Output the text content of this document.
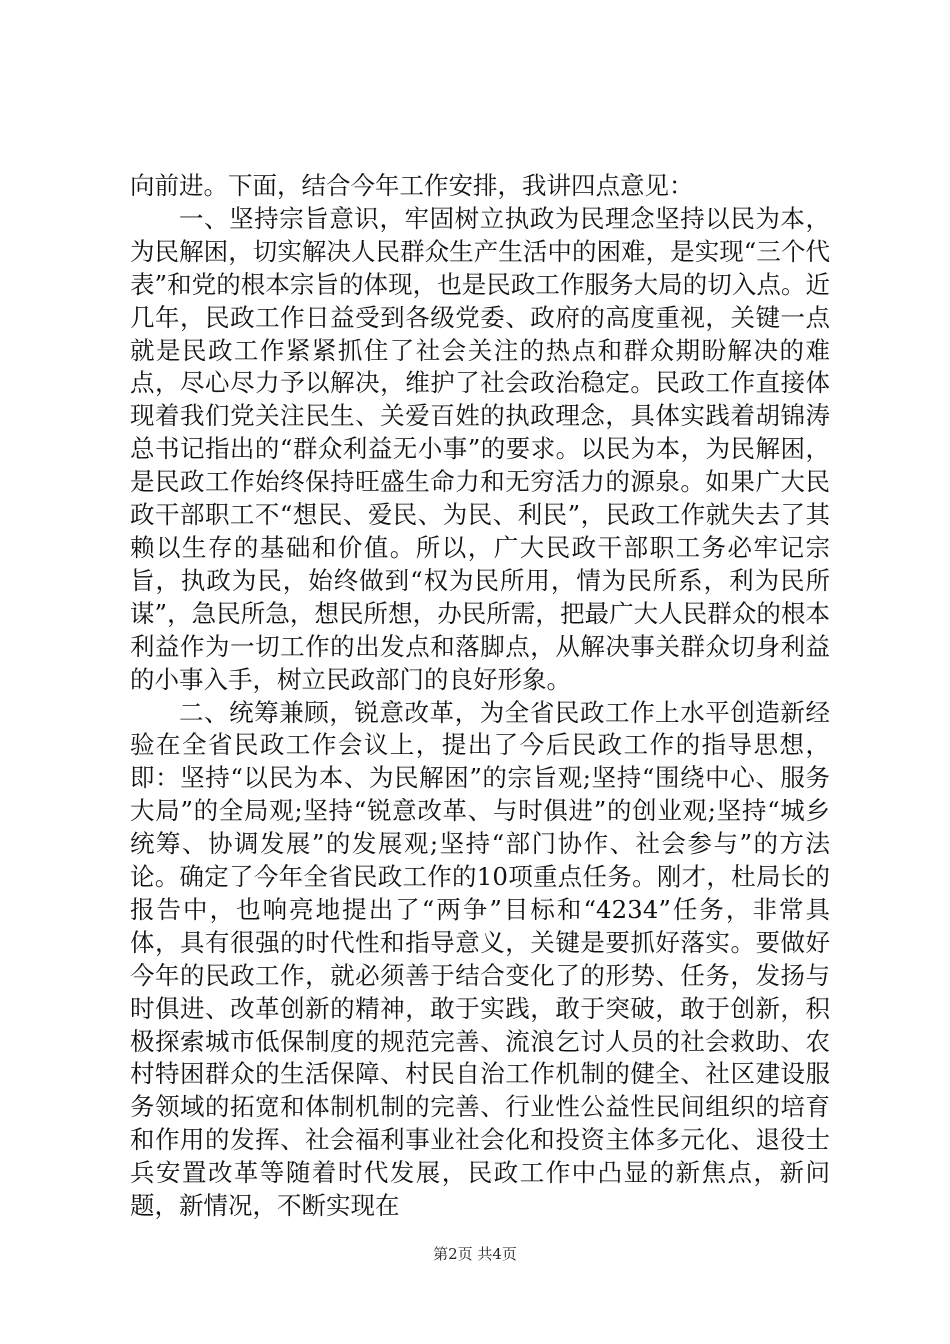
向前进。下面，结合今年工作安排，我讲四点意见：

一、坚持宗旨意识，牢固树立执政为民理念坚持以民为本，为民解困，切实解决人民群众生产生活中的困难，是实现“三个代表”和党的根本宗旨的体现，也是民政工作服务大局的切入点。近几年，民政工作日益受到各级党委、政府的高度重视，关键一点就是民政工作紧紧抓住了社会关注的热点和群众期盼解决的难点，尽心尽力予以解决，维护了社会政治稳定。民政工作直接体现着我们党关注民生、关爱百姓的执政理念，具体实践着胡锦涛总书记指出的“群众利益无小事”的要求。以民为本，为民解困，是民政工作始终保持旺盛生命力和无穷活力的源泉。如果广大民政干部职工不“想民、爱民、为民、利民”，民政工作就失去了其赖以生存的基础和价值。所以，广大民政干部职工务必牢记宗旨，执政为民，始终做到“权为民所用，情为民所系，利为民所谋”，急民所急，想民所想，办民所需，把最广大人民群众的根本利益作为一切工作的出发点和落脚点，从解决事关群众切身利益的小事入手，树立民政部门的良好形象。

二、统筹兼顾，锐意改革，为全省民政工作上水平创造新经验在全省民政工作会议上，提出了今后民政工作的指导思想，即：坚持“以民为本、为民解困”的宗旨观;坚持“围绕中心、服务大局”的全局观;坚持“锐意改革、与时俱进”的创业观;坚持“城乡统筹、协调发展”的发展观;坚持“部门协作、社会参与”的方法论。确定了今年全省民政工作的10项重点任务。刚才，杜局长的报告中，也响亮地提出了“两争”目标和“4234”任务，非常具体，具有很强的时代性和指导意义，关键是要抓好落实。要做好今年的民政工作，就必须善于结合变化了的形势、任务，发扬与时俱进、改革创新的精神，敢于实践，敢于突破，敢于创新，积极探索城市低保制度的规范完善、流浪乞讨人员的社会救助、农村特困群众的生活保障、村民自治工作机制的健全、社区建设服务领域的拓宽和体制机制的完善、行业性公益性民间组织的培育和作用的发挥、社会福利事业社会化和投资主体多元化、退役士兵安置改革等随着时代发展，民政工作中凸显的新焦点，新问题，新情况，不断实现在

第2页 共4页
